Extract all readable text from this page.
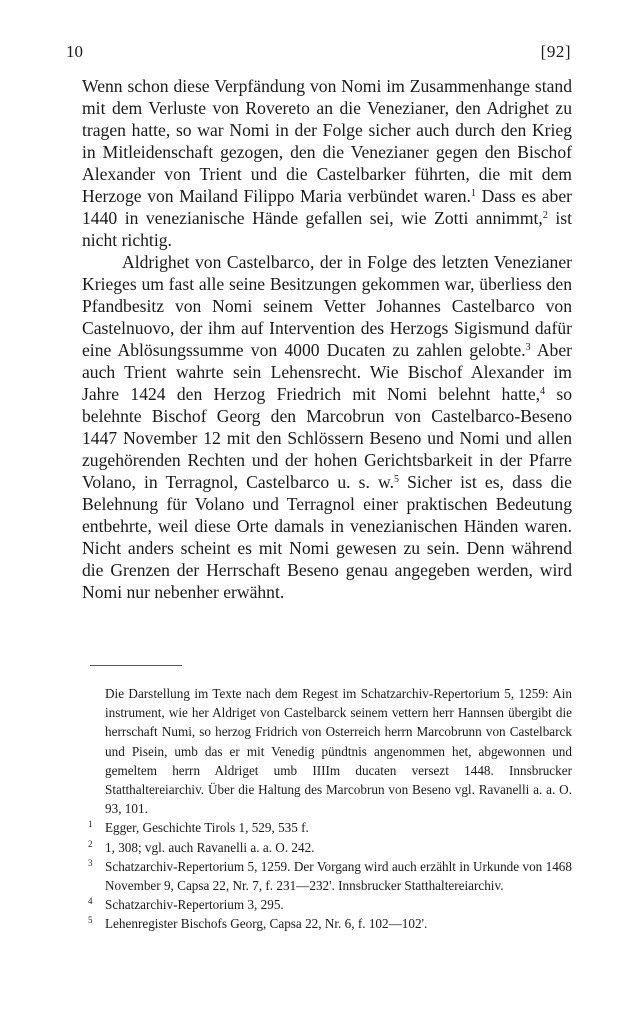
10	[92]

Wenn schon diese Verpfändung von Nomi im Zusammenhange stand mit dem Verluste von Rovereto an die Venezianer, den Adrighet zu tragen hatte, so war Nomi in der Folge sicher auch durch den Krieg in Mitleidenschaft gezogen, den die Venezianer gegen den Bischof Alexander von Trient und die Castelbarker führten, die mit dem Herzoge von Mailand Filippo Maria verbündet waren.$^1$ Dass es aber 1440 in venezianische Hände gefallen sei, wie Zotti annimmt,$^2$ ist nicht richtig.

Aldrighet von Castelbarco, der in Folge des letzten Venezianer Krieges um fast alle seine Besitzungen gekommen war, überliess den Pfandbesitz von Nomi seinem Vetter Johannes Castelbarco von Castelnuovo, der ihm auf Intervention des Herzogs Sigismund dafür eine Ablösungssumme von 4000 Ducaten zu zahlen gelobte.$^3$ Aber auch Trient wahrte sein Lehensrecht. Wie Bischof Alexander im Jahre 1424 den Herzog Friedrich mit Nomi belehnt hatte,$^4$ so belehnte Bischof Georg den Marcobrun von Castelbarco-Beseno 1447 November 12 mit den Schlössern Beseno und Nomi und allen zugehörenden Rechten und der hohen Gerichtsbarkeit in der Pfarre Volano, in Terragnol, Castelbarco u. s. w.$^5$ Sicher ist es, dass die Belehnung für Volano und Terragnol einer praktischen Bedeutung entbehrte, weil diese Orte damals in venezianischen Händen waren. Nicht anders scheint es mit Nomi gewesen zu sein. Denn während die Grenzen der Herrschaft Beseno genau angegeben werden, wird Nomi nur nebenher erwähnt.

Die Darstellung im Texte nach dem Regest im Schatzarchiv-Repertorium 5, 1259: Ain instrument, wie her Aldriget von Castelbarck seinem vettern herr Hannsen übergibt die herrschaft Numi, so herzog Fridrich von Osterreich herrn Marcobrunn von Castelbarck und Pisein, umb das er mit Venedig pündtnis angenommen het, abgewonnen und gemeltem herrn Aldriget umb IIIIm ducaten versezt 1448. Innsbrucker Statthaltereiarchiv. Über die Haltung des Marcobrun von Beseno vgl. Ravanelli a. a. O. 93, 101.

1 Egger, Geschichte Tirols 1, 529, 535 f.
2 1, 308; vgl. auch Ravanelli a. a. O. 242.
3 Schatzarchiv-Repertorium 5, 1259. Der Vorgang wird auch erzählt in Urkunde von 1468 November 9, Capsa 22, Nr. 7, f. 231—232'. Innsbrucker Statthaltereiarchiv.
4 Schatzarchiv-Repertorium 3, 295.
5 Lehenregister Bischofs Georg, Capsa 22, Nr. 6, f. 102—102'.
